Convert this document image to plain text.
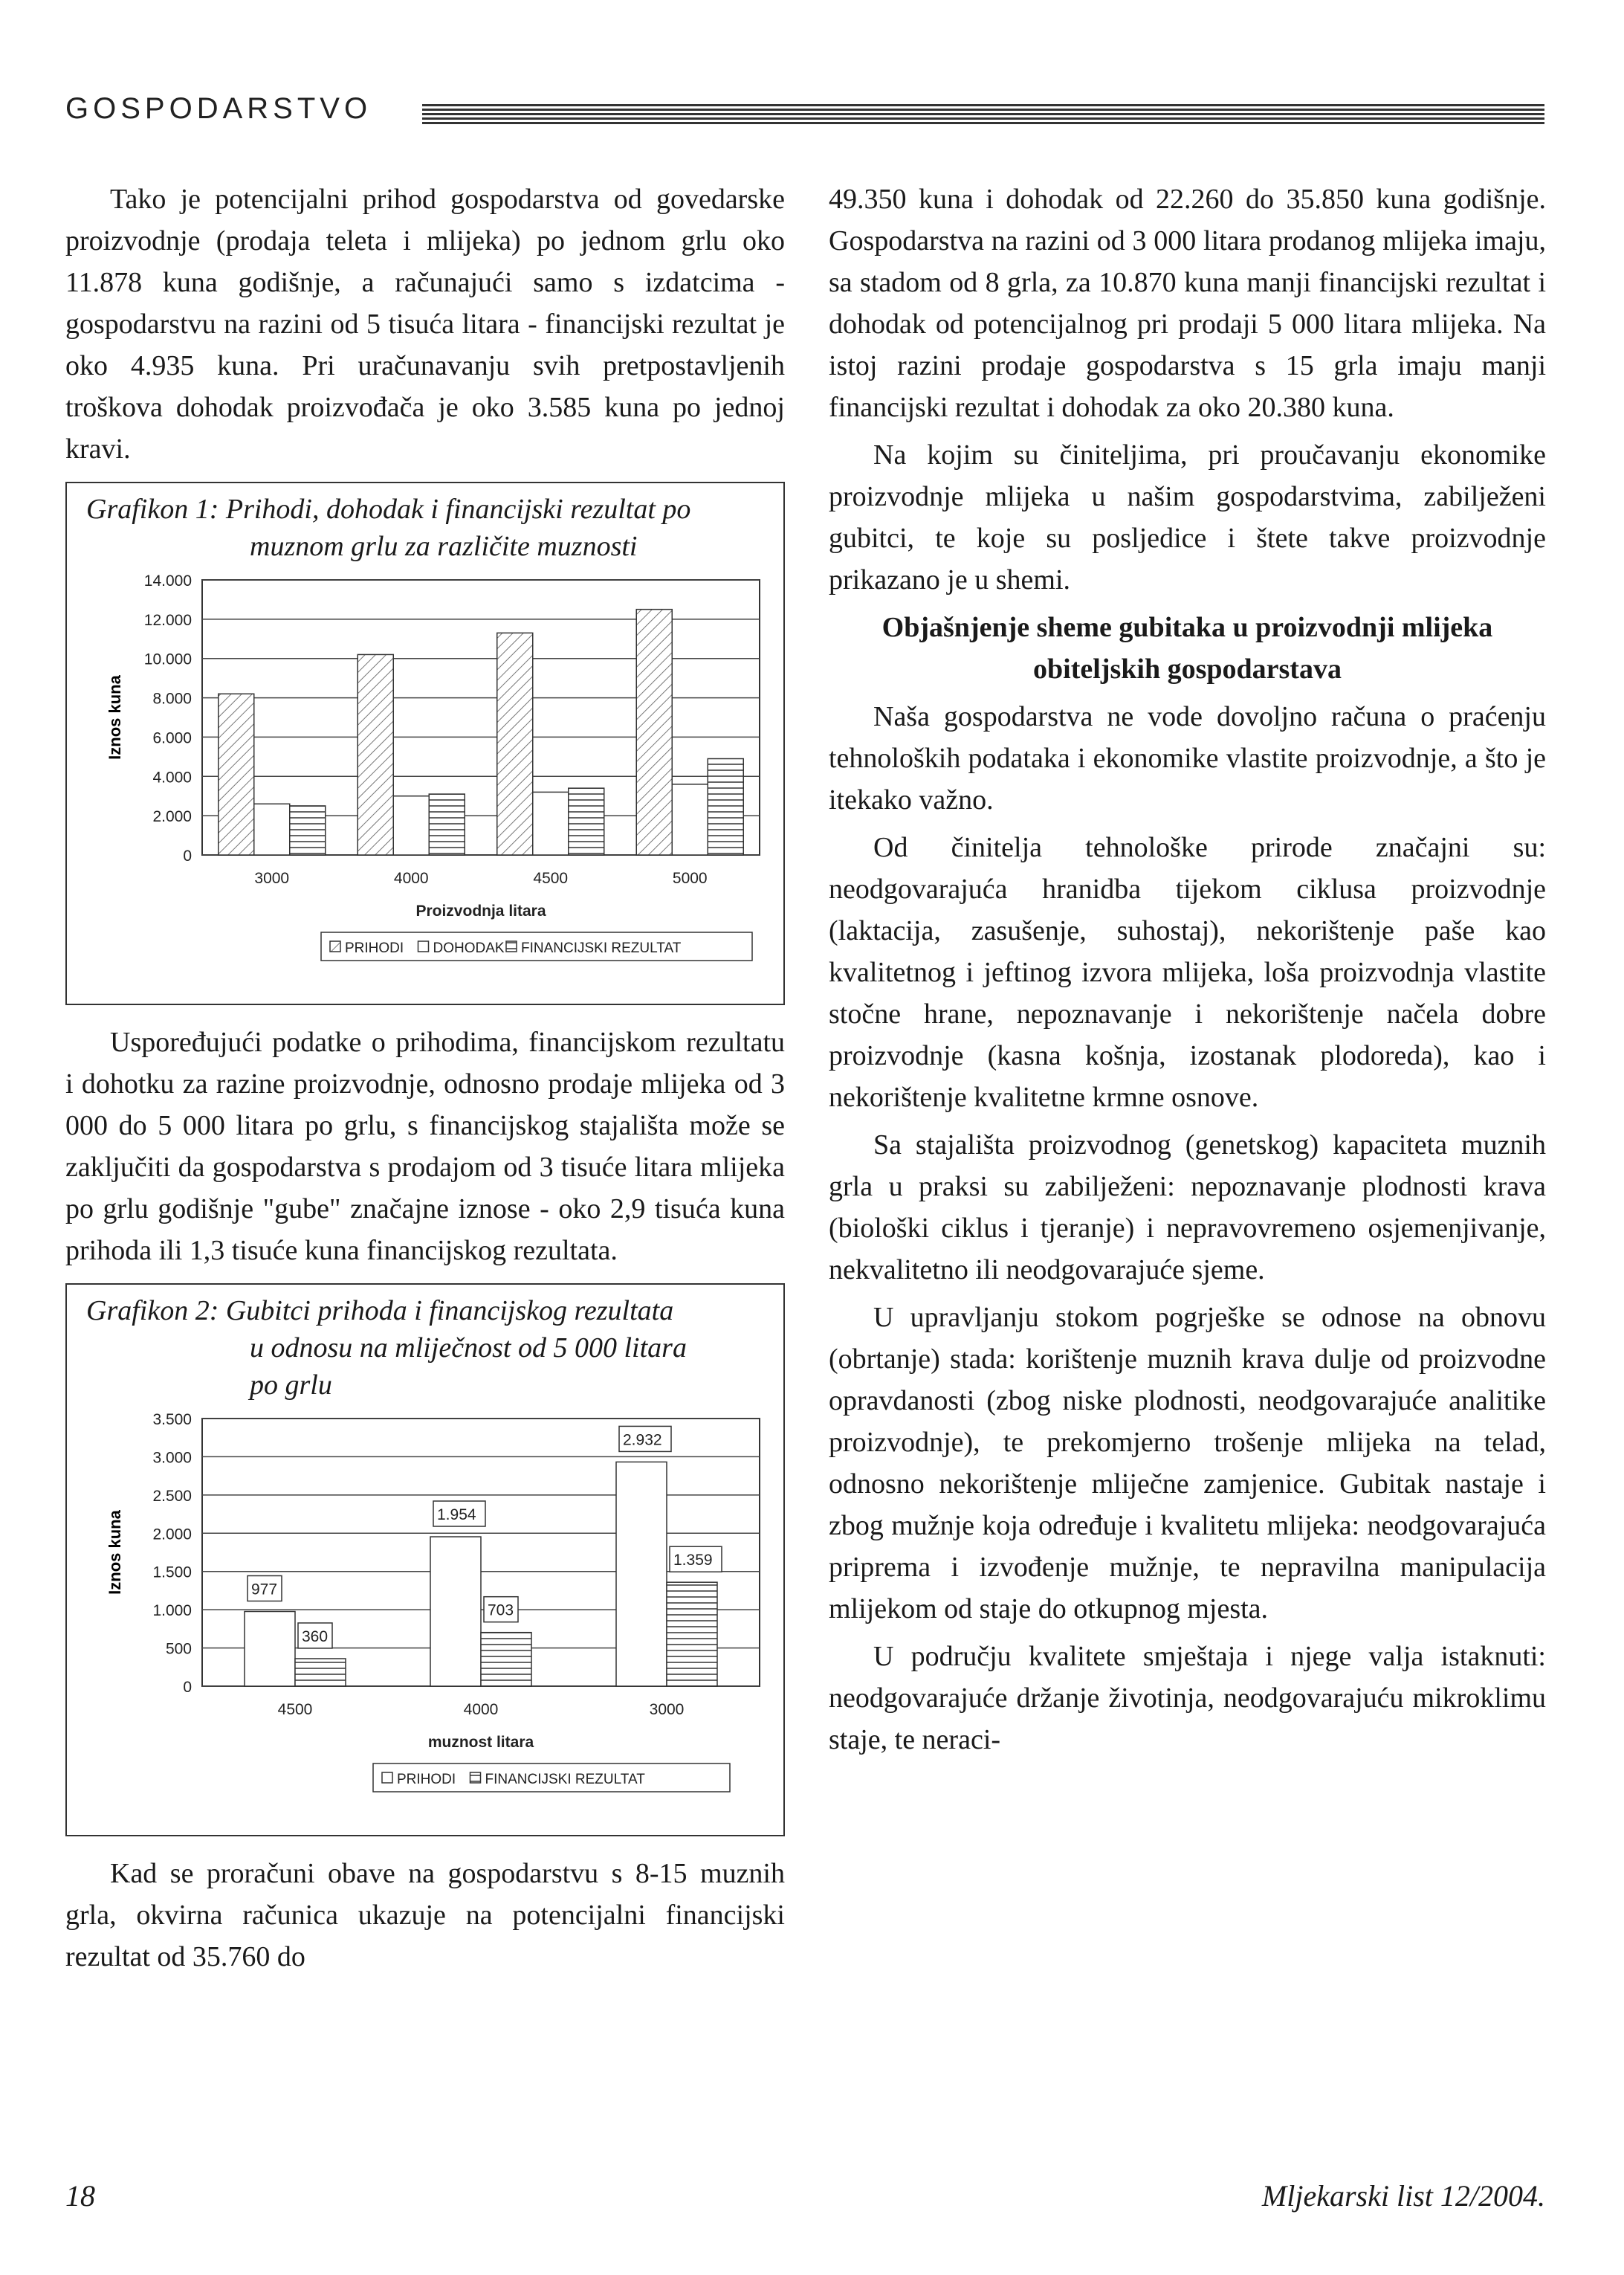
GOSPODARSTVO

Tako je potencijalni prihod gospodarstva od govedarske proizvodnje (prodaja teleta i mlijeka) po jednom grlu oko 11.878 kuna godišnje, a računajući samo s izdatcima - gospodarstvu na razini od 5 tisuća litara - financijski rezultat je oko 4.935 kuna. Pri uračunavanju svih pretpostavljenih troškova dohodak proizvođača je oko 3.585 kuna po jednoj kravi.

Grafikon 1: Prihodi, dohodak i financijski rezultat po
muznom grlu za različite muznosti
0
2.000
4.000
6.000
8.000
10.000
12.000
14.000
Iznos kuna
3000	4000	4500	5000
Proizvodnja litara
PRIHODI DOHODAK FINANCIJSKI REZULTAT

Uspoređujući podatke o prihodima, financijskom rezultatu i dohotku za razine proizvodnje, odnosno prodaje mlijeka od 3 000 do 5 000 litara po grlu, s financijskog stajališta može se zaključiti da gospodarstva s prodajom od 3 tisuće litara mlijeka po grlu godišnje "gube" značajne iznose - oko 2,9 tisuća kuna prihoda ili 1,3 tisuće kuna financijskog rezultata.

Grafikon 2: Gubitci prihoda i financijskog rezultata
u odnosu na mliječnost od 5 000 litara
po grlu
0
500
1.000
1.500
2.000
2.500
3.000
3.500
Iznos kuna	977
360
4500
1.954
703
4000
2.932
1.359
3000
muznost litara
PRIHODI FINANCIJSKI REZULTAT

Kad se proračuni obave na gospodarstvu s 8-15 muznih grla, okvirna računica ukazuje na potencijalni financijski rezultat od 35.760 do

49.350 kuna i dohodak od 22.260 do 35.850 kuna godišnje. Gospodarstva na razini od 3 000 litara prodanog mlijeka imaju, sa stadom od 8 grla, za 10.870 kuna manji financijski rezultat i dohodak od potencijalnog pri prodaji 5 000 litara mlijeka. Na istoj razini prodaje gospodarstva s 15 grla imaju manji financijski rezultat i dohodak za oko 20.380 kuna.

Na kojim su činiteljima, pri proučavanju ekonomike proizvodnje mlijeka u našim gospodarstvima, zabilježeni gubitci, te koje su posljedice i štete takve proizvodnje prikazano je u shemi.

Objašnjenje sheme gubitaka u proizvodnji mlijeka obiteljskih gospodarstava

Naša gospodarstva ne vode dovoljno računa o praćenju tehnoloških podataka i ekonomike vlastite proizvodnje, a što je itekako važno.

Od činitelja tehnološke prirode značajni su: neodgovarajuća hranidba tijekom ciklusa proizvodnje (laktacija, zasušenje, suhostaj), nekorištenje paše kao kvalitetnog i jeftinog izvora mlijeka, loša proizvodnja vlastite stočne hrane, nepoznavanje i nekorištenje načela dobre proizvodnje (kasna košnja, izostanak plodoreda), kao i nekorištenje kvalitetne krmne osnove.

Sa stajališta proizvodnog (genetskog) kapaciteta muznih grla u praksi su zabilježeni: nepoznavanje plodnosti krava (biološki ciklus i tjeranje) i nepravovremeno osjemenjivanje, nekvalitetno ili neodgovarajuće sjeme.

U upravljanju stokom pogrješke se odnose na obnovu (obrtanje) stada: korištenje muznih krava dulje od proizvodne opravdanosti (zbog niske plodnosti, neodgovarajuće analitike proizvodnje), te prekomjerno trošenje mlijeka na telad, odnosno nekorištenje mliječne zamjenice. Gubitak nastaje i zbog mužnje koja određuje i kvalitetu mlijeka: neodgovarajuća priprema i izvođenje mužnje, te nepravilna manipulacija mlijekom od staje do otkupnog mjesta.

U području kvalitete smještaja i njege valja istaknuti: neodgovarajuće držanje životinja, neodgovarajuću mikroklimu staje, te neraci-

18	Mljekarski list 12/2004.
